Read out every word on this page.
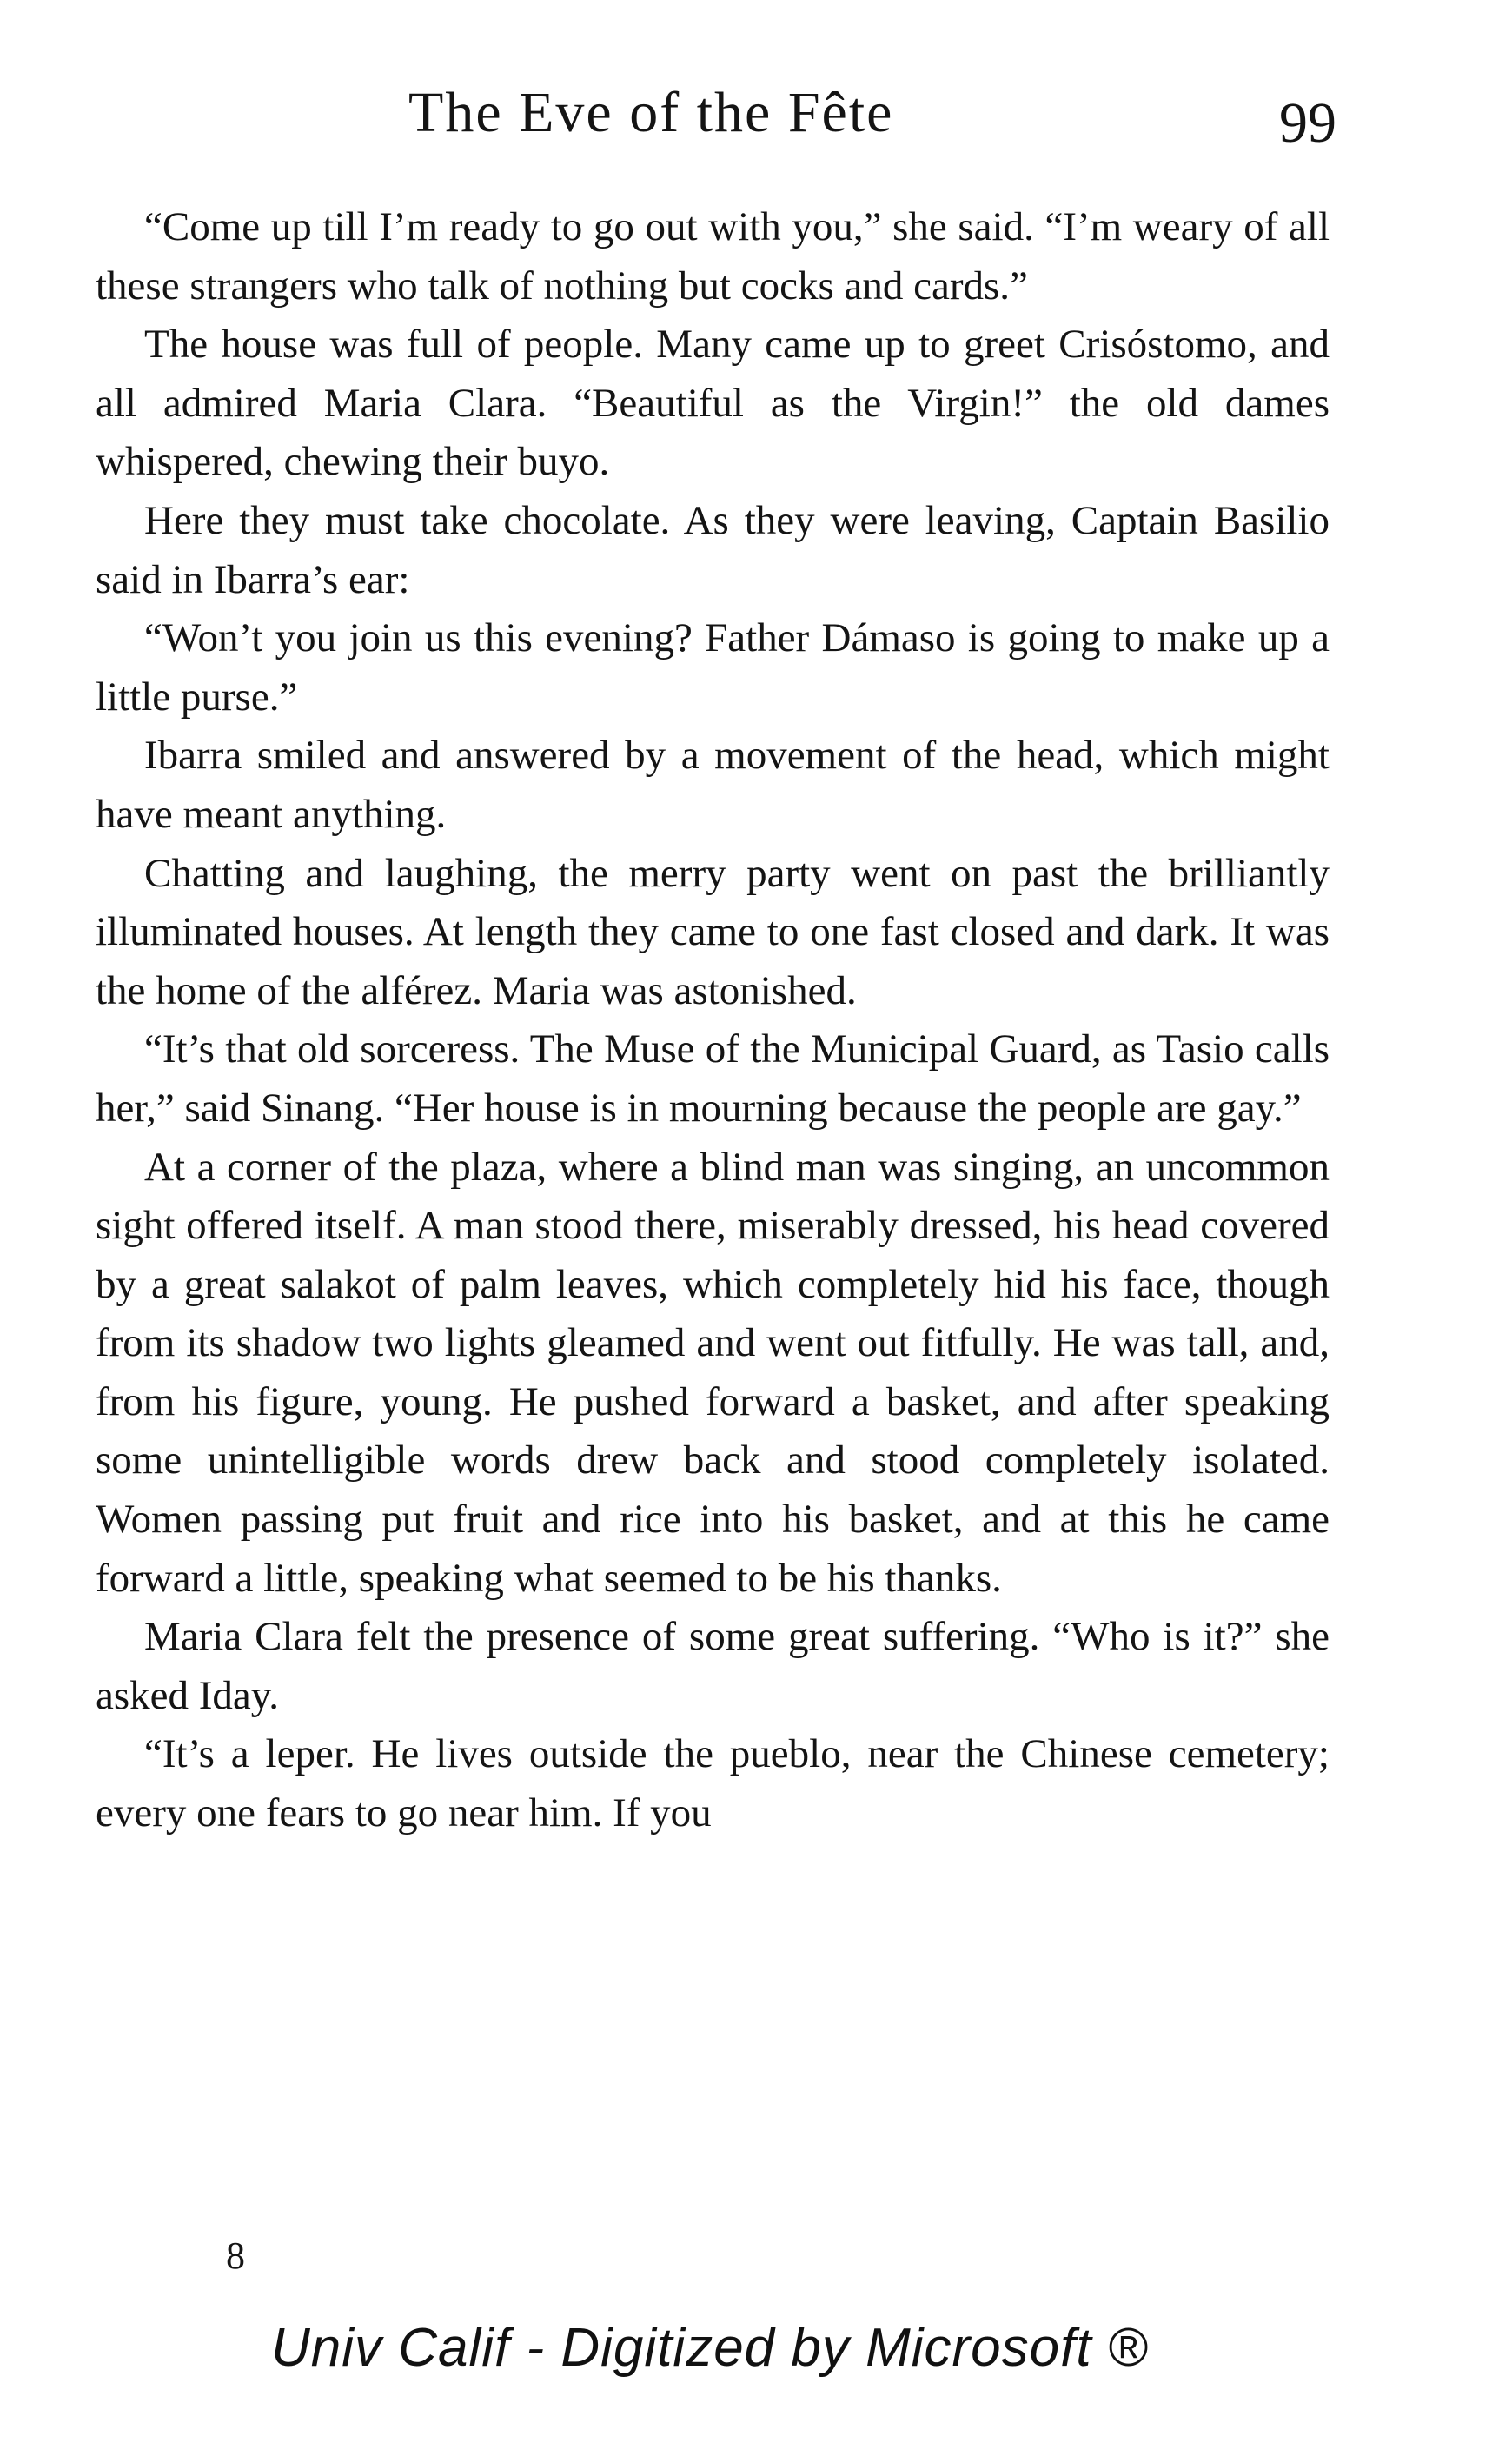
The Eve of the Fête	99

“Come up till I’m ready to go out with you,” she said. “I’m weary of all these strangers who talk of nothing but cocks and cards.”

The house was full of people. Many came up to greet Crisóstomo, and all admired Maria Clara. “Beautiful as the Virgin!” the old dames whispered, chewing their buyo.

Here they must take chocolate. As they were leaving, Captain Basilio said in Ibarra’s ear:

“Won’t you join us this evening? Father Dámaso is going to make up a little purse.”

Ibarra smiled and answered by a movement of the head, which might have meant anything.

Chatting and laughing, the merry party went on past the brilliantly illuminated houses. At length they came to one fast closed and dark. It was the home of the alférez. Maria was astonished.

“It’s that old sorceress. The Muse of the Municipal Guard, as Tasio calls her,” said Sinang. “Her house is in mourning because the people are gay.”

At a corner of the plaza, where a blind man was singing, an uncommon sight offered itself. A man stood there, miserably dressed, his head covered by a great salakot of palm leaves, which completely hid his face, though from its shadow two lights gleamed and went out fitfully. He was tall, and, from his figure, young. He pushed forward a basket, and after speaking some unintelligible words drew back and stood completely isolated. Women passing put fruit and rice into his basket, and at this he came forward a little, speaking what seemed to be his thanks.

Maria Clara felt the presence of some great suffering. “Who is it?” she asked Iday.

“It’s a leper. He lives outside the pueblo, near the Chinese cemetery; every one fears to go near him. If you

8
Univ Calif - Digitized by Microsoft ®
